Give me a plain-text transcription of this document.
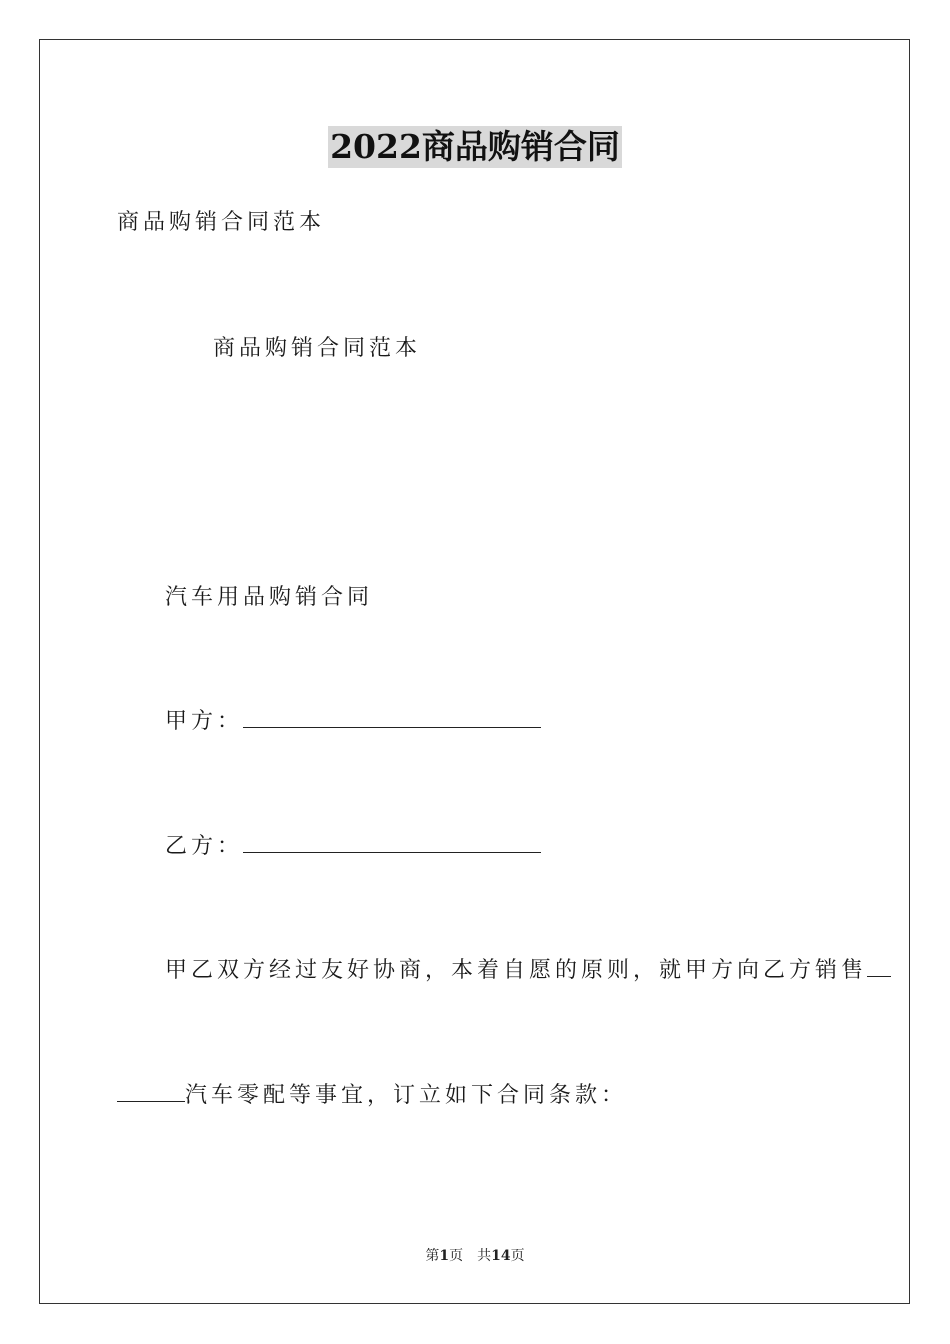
2022商品购销合同
商品购销合同范本
商品购销合同范本
汽车用品购销合同
甲方：
乙方：
甲乙双方经过友好协商，本着自愿的原则，就甲方向乙方销售
汽车零配等事宜，订立如下合同条款：
第1页　共14页
